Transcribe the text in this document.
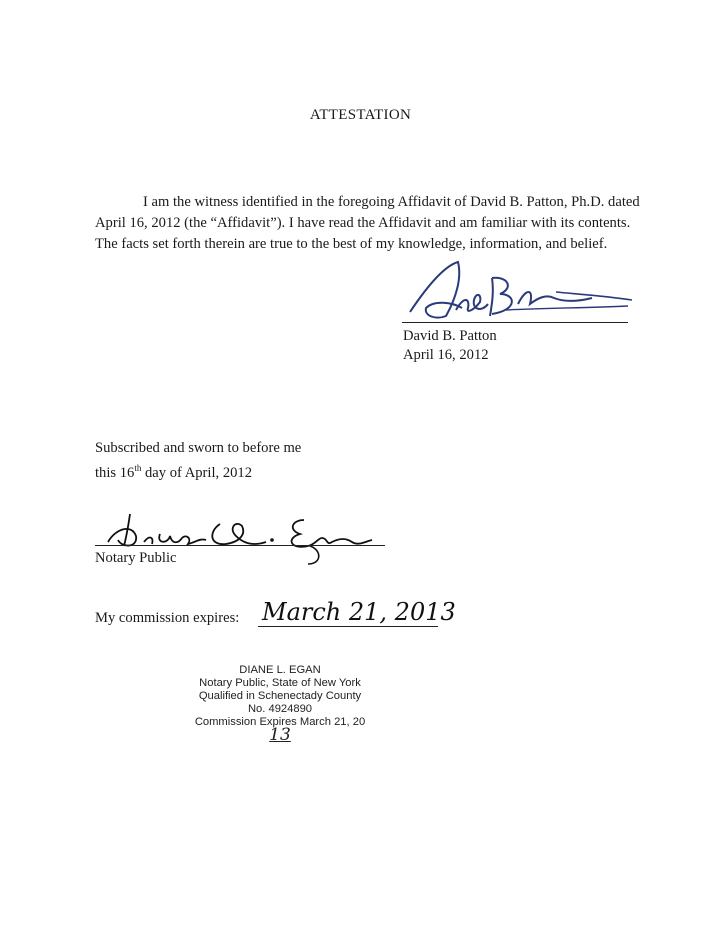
ATTESTATION
I am the witness identified in the foregoing Affidavit of David B. Patton, Ph.D. dated
April 16, 2012 (the “Affidavit”). I have read the Affidavit and am familiar with its contents.
The facts set forth therein are true to the best of my knowledge, information, and belief.
David B. Patton
April 16, 2012
Subscribed and sworn to before me
this 16th day of April, 2012
Notary Public
My commission expires: March 21, 2013
DIANE L. EGAN
Notary Public, State of New York
Qualified in Schenectady County
No. 4924890
Commission Expires March 21, 20
13
